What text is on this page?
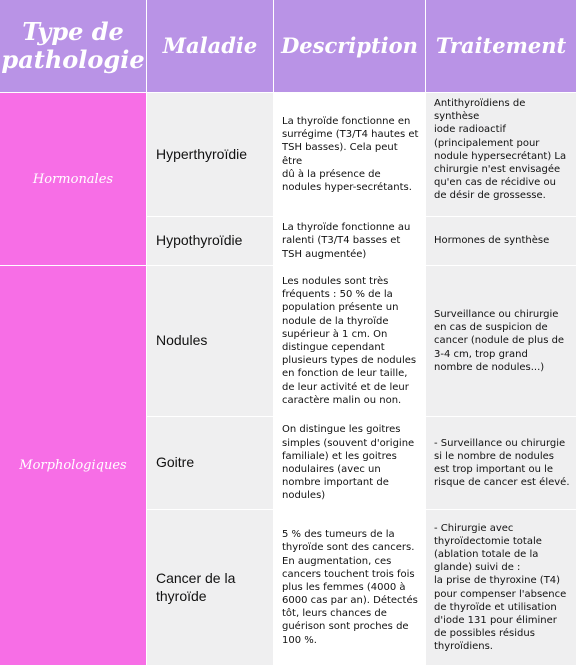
Type de
pathologie Maladie Description Traitement
Hormonales
Morphologiques
Hyperthyroïdie
La thyroïde fonctionne en
surrégime (T3/T4 hautes et
TSH basses). Cela peut être
dû à la présence de
nodules hyper-secrétants.
Antithyroïdiens de
synthèse
iode radioactif
(principalement pour
nodule hypersecrétant) La
chirurgie n'est envisagée
qu'en cas de récidive ou
de désir de grossesse.
Hypothyroïdie
La thyroïde fonctionne au
ralenti (T3/T4 basses et
TSH augmentée)
Hormones de synthèse
Nodules
Les nodules sont très
fréquents : 50 % de la
population présente un
nodule de la thyroïde
supérieur à 1 cm. On
distingue cependant
plusieurs types de nodules
en fonction de leur taille,
de leur activité et de leur
caractère malin ou non.
Surveillance ou chirurgie
en cas de suspicion de
cancer (nodule de plus de
3-4 cm, trop grand
nombre de nodules...)
Goitre
On distingue les goitres
simples (souvent d'origine
familiale) et les goitres
nodulaires (avec un
nombre important de
nodules)
- Surveillance ou chirurgie
si le nombre de nodules
est trop important ou le
risque de cancer est élevé.
Cancer de la
thyroïde
5 % des tumeurs de la
thyroïde sont des cancers.
En augmentation, ces
cancers touchent trois fois
plus les femmes (4000 à
6000 cas par an). Détectés
tôt, leurs chances de
guérison sont proches de
100 %.
- Chirurgie avec
thyroïdectomie totale
(ablation totale de la
glande) suivi de :
la prise de thyroxine (T4)
pour compenser l'absence
de thyroïde et utilisation
d'iode 131 pour éliminer
de possibles résidus
thyroïdiens.
